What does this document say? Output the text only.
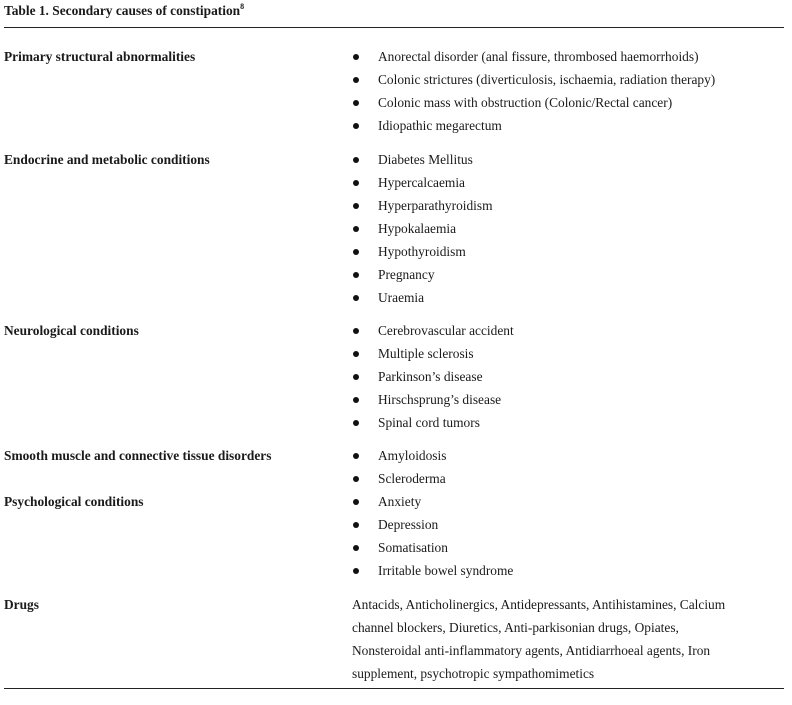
Table 1. Secondary causes of constipation$^8$
Primary structural abnormalities	Anorectal disorder (anal fissure, thrombosed haemorrhoids)
Colonic strictures (diverticulosis, ischaemia, radiation therapy)
Colonic mass with obstruction (Colonic/Rectal cancer)
Idiopathic megarectum
Endocrine and metabolic conditions	Diabetes Mellitus
Hypercalcaemia
Hyperparathyroidism
Hypokalaemia
Hypothyroidism
Pregnancy
Uraemia
Neurological conditions	Cerebrovascular accident
Multiple sclerosis
Parkinson’s disease
Hirschsprung’s disease
Spinal cord tumors
Smooth muscle and connective tissue disorders	Amyloidosis
Scleroderma
Psychological conditions	Anxiety
Depression
Somatisation
Irritable bowel syndrome
Drugs	Antacids, Anticholinergics, Antidepressants, Antihistamines, Calcium
channel blockers, Diuretics, Anti-parkisonian drugs, Opiates,
Nonsteroidal anti-inflammatory agents, Antidiarrhoeal agents, Iron
supplement, psychotropic sympathomimetics
